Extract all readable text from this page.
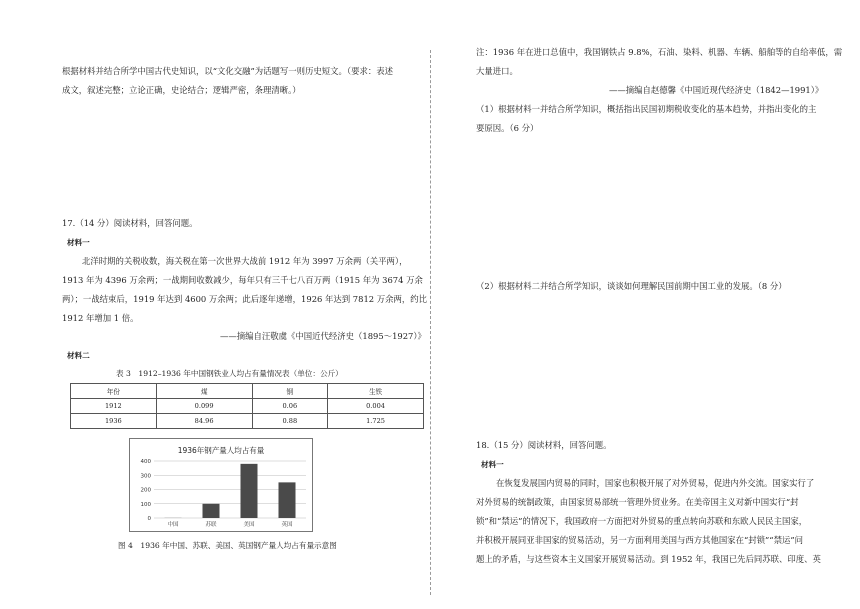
根据材料并结合所学中国古代史知识，以“文化交融”为话题写一则历史短文。（要求：表述

成文，叙述完整；立论正确，史论结合；逻辑严密，条理清晰。）

17.（14 分）阅读材料，回答问题。

材料一

北洋时期的关税收数，海关税在第一次世界大战前 1912 年为 3997 万余两（关平两），

1913 年为 4396 万余两；一战期间收数减少，每年只有三千七八百万两（1915 年为 3674 万余

两）；一战结束后，1919 年达到 4600 万余两；此后逐年递增，1926 年达到 7812 万余两，约比

1912 年增加 1 倍。

——摘编自汪敬虞《中国近代经济史（1895～1927）》

材料二

表 3　1912–1936 年中国钢铁业人均占有量情况表（单位：公斤）

年份	煤	钢	生铁
1912	0.099	0.06	0.004
1936	84.96	0.88	1.725
1936年钢产量人均占有量
0
100
200
300
400
中国	苏联	美国	英国

图 4　1936 年中国、苏联、美国、英国钢产量人均占有量示意图

注：1936 年在进口总值中，我国钢铁占 9.8%，石油、染料、机器、车辆、船舶等的自给率低，需

大量进口。

——摘编自赵德馨《中国近现代经济史（1842—1991）》

（1）根据材料一并结合所学知识，概括指出民国初期税收变化的基本趋势，并指出变化的主

要原因。（6 分）

（2）根据材料二并结合所学知识，谈谈如何理解民国前期中国工业的发展。（8 分）

18.（15 分）阅读材料，回答问题。

材料一

在恢复发展国内贸易的同时，国家也积极开展了对外贸易，促进内外交流。国家实行了

对外贸易的统制政策，由国家贸易部统一管理外贸业务。在美帝国主义对新中国实行“封

锁”和“禁运”的情况下，我国政府一方面把对外贸易的重点转向苏联和东欧人民民主国家，

并积极开展同亚非国家的贸易活动，另一方面利用美国与西方其他国家在“封锁”“禁运”问

题上的矛盾，与这些资本主义国家开展贸易活动。到 1952 年，我国已先后同苏联、印度、英
